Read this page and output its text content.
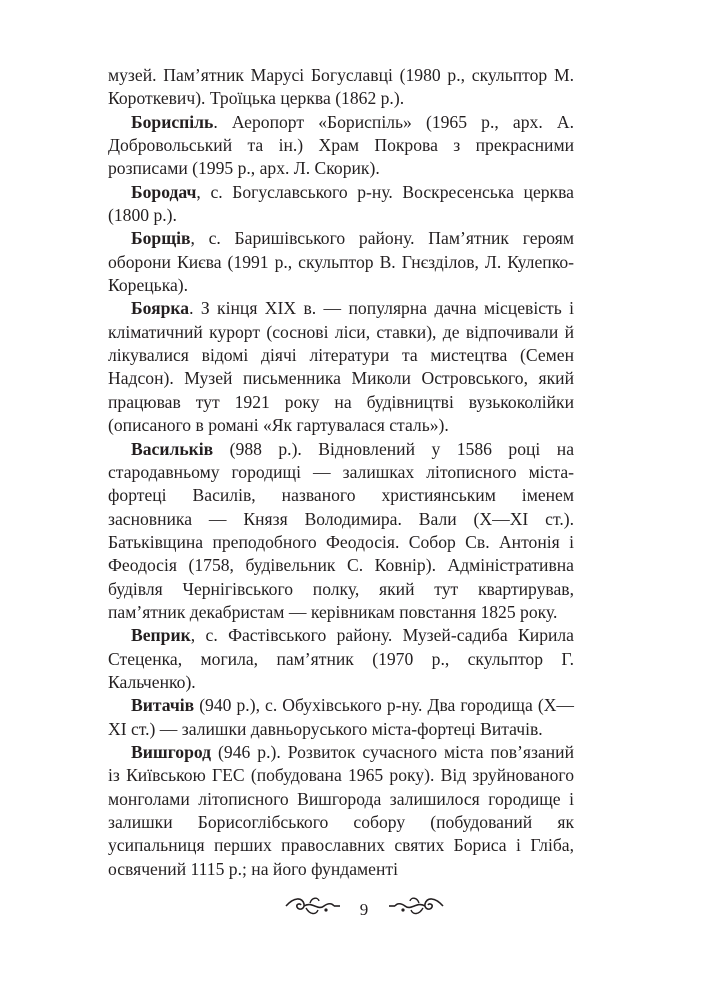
музей. Пам’ятник Марусі Богуславці (1980 р., скульптор М. Короткевич). Троїцька церква (1862 р.).

Бориспіль. Аеропорт «Бориспіль» (1965 р., арх. А. Добровольський та ін.) Храм Покрова з прекрасними розписами (1995 р., арх. Л. Скорик).

Бородач, с. Богуславського р-ну. Воскресенська церква (1800 р.).

Борщів, с. Баришівського району. Пам’ятник героям оборони Києва (1991 р., скульптор В. Гнєзділов, Л. Кулепко-Корецька).

Боярка. З кінця XIX в. — популярна дачна місцевість і кліматичний курорт (соснові ліси, ставки), де відпочивали й лікувалися відомі діячі літератури та мистецтва (Семен Надсон). Музей письменника Миколи Островського, який працював тут 1921 року на будівництві вузькоколійки (описаного в романі «Як гартувалася сталь»).

Васильків (988 р.). Відновлений у 1586 році на стародавньому городищі — залишках літописного міста-фортеці Василів, названого християнським іменем засновника — Князя Володимира. Вали (X—XI ст.). Батьківщина преподобного Феодосія. Собор Св. Антонія і Феодосія (1758, будівельник С. Ковнір). Адміністративна будівля Чернігівського полку, який тут квартирував, пам’ятник декабристам — керівникам повстання 1825 року.

Веприк, с. Фастівського району. Музей-садиба Кирила Стеценка, могила, пам’ятник (1970 р., скульптор Г. Кальченко).

Витачів (940 р.), с. Обухівського р-ну. Два городища (X—XI ст.) — залишки давньоруського міста-фортеці Витачів.

Вишгород (946 р.). Розвиток сучасного міста пов’язаний із Київською ГЕС (побудована 1965 року). Від зруйнованого монголами літописного Вишгорода залишилося городище і залишки Борисоглібського собору (побудований як усипальниця перших православних святих Бориса і Гліба, освячений 1115 р.; на його фундаменті

9
